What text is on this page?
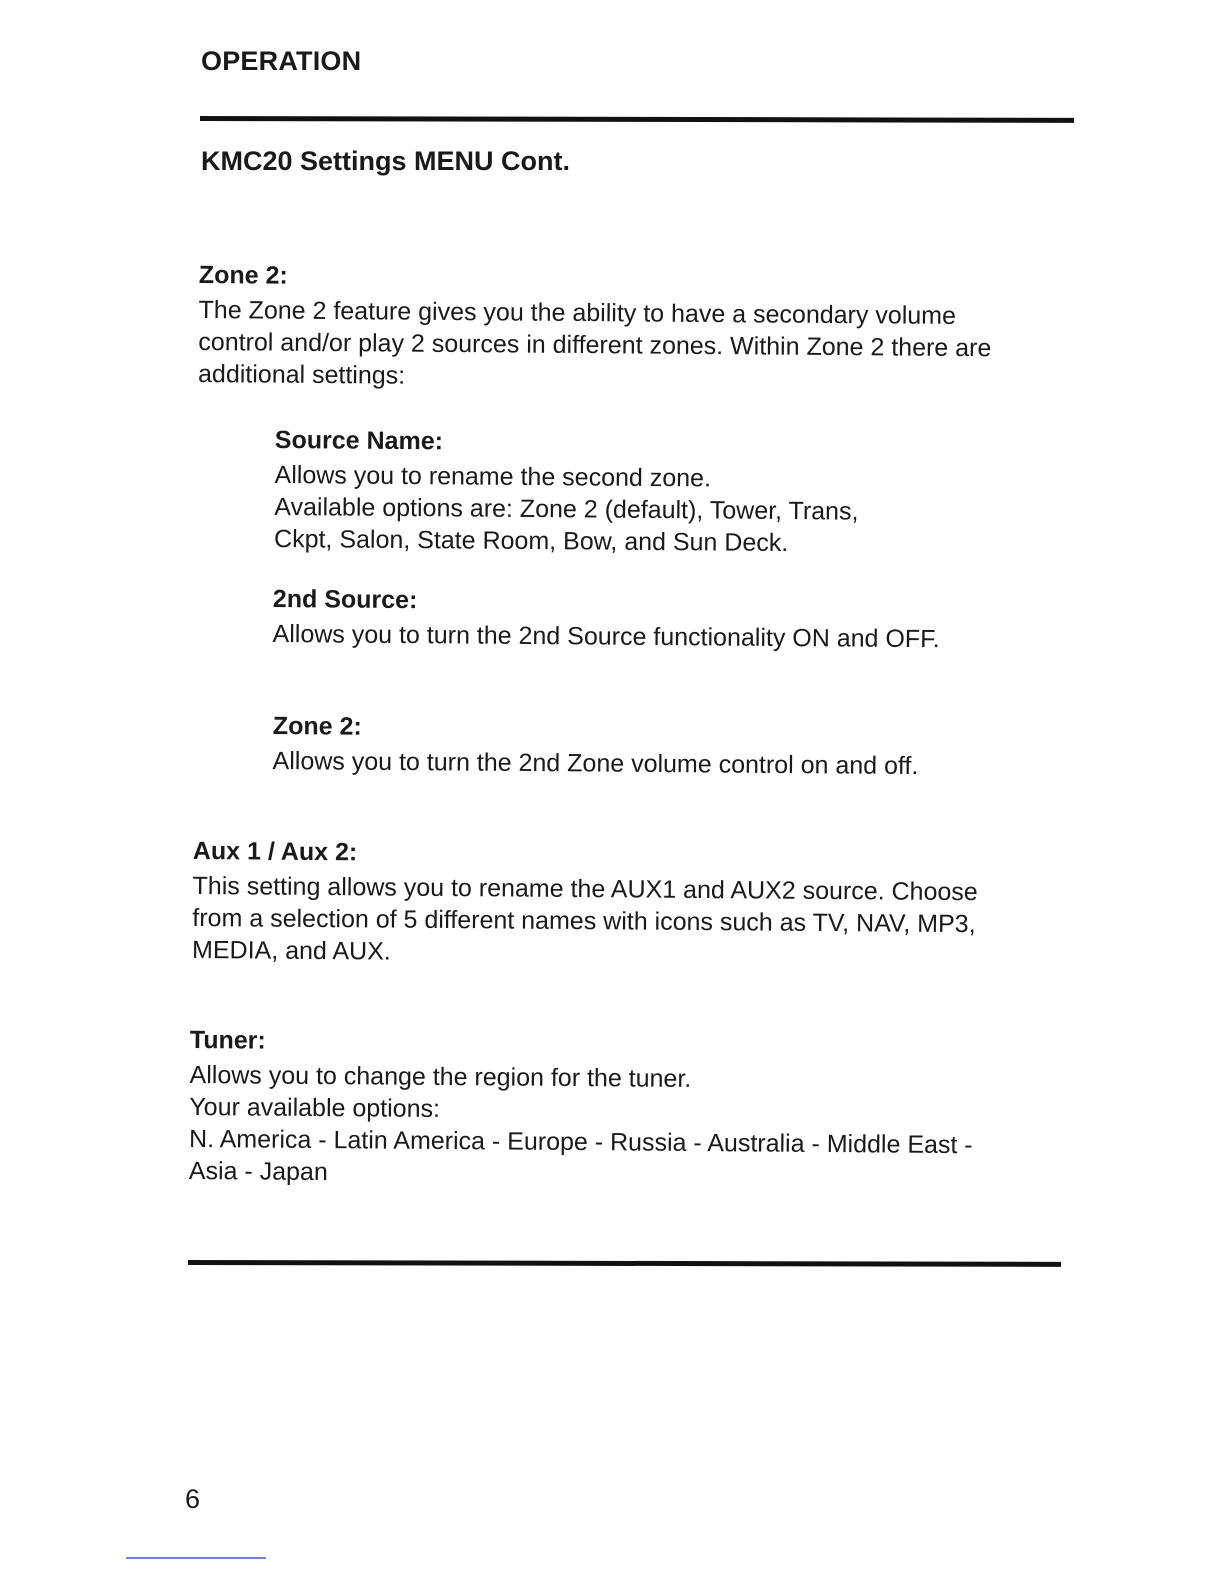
OPERATION
KMC20 Settings MENU Cont.
Zone 2:

The Zone 2 feature gives you the ability to have a secondary volume

control and/or play 2 sources in different zones. Within Zone 2 there are

additional settings:

Source Name:

Allows you to rename the second zone.

Available options are: Zone 2 (default), Tower, Trans,

Ckpt, Salon, State Room, Bow, and Sun Deck.

2nd Source:

Allows you to turn the 2nd Source functionality ON and OFF.

Zone 2:

Allows you to turn the 2nd Zone volume control on and off.

Aux 1 / Aux 2:

This setting allows you to rename the AUX1 and AUX2 source. Choose

from a selection of 5 different names with icons such as TV, NAV, MP3,

MEDIA, and AUX.

Tuner:

Allows you to change the region for the tuner.

Your available options:

N. America - Latin America - Europe - Russia - Australia - Middle East -

Asia - Japan

6
